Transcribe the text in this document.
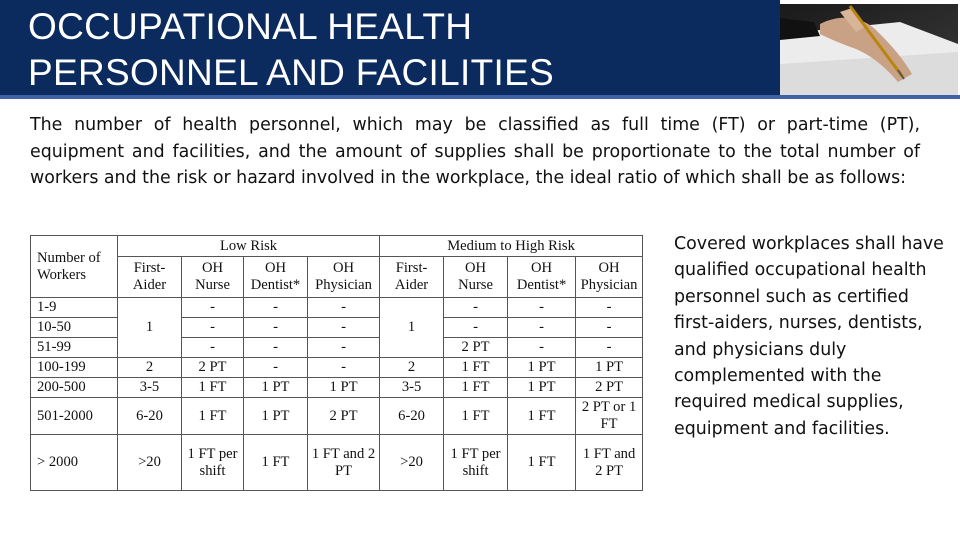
OCCUPATIONAL HEALTH
PERSONNEL AND FACILITIES

The number of health personnel, which may be classified as full time (FT) or part-time (PT), equipment and facilities, and the amount of supplies shall be proportionate to the total number of workers and the risk or hazard involved in the workplace, the ideal ratio of which shall be as follows:

Number of Workers	Low Risk				Medium to High Risk			
	First-Aider	OH Nurse	OH Dentist*	OH Physician	First-Aider	OH Nurse	OH Dentist*	OH Physician
1-9	1	-	-	-	1	-	-	-
10-50		-	-	-		-	-	-
51-99		-	-	-		2 PT	-	-
100-199	2	2 PT	-	-	2	1 FT	1 PT	1 PT
200-500	3-5	1 FT	1 PT	1 PT	3-5	1 FT	1 PT	2 PT
501-2000	6-20	1 FT	1 PT	2 PT	6-20	1 FT	1 FT	2 PT or 1 FT
> 2000	>20	1 FT per shift	1 FT	1 FT and 2 PT	>20	1 FT per shift	1 FT	1 FT and 2 PT

Covered workplaces shall have qualified occupational health personnel such as certified first-aiders, nurses, dentists, and physicians duly complemented with the required medical supplies, equipment and facilities.
